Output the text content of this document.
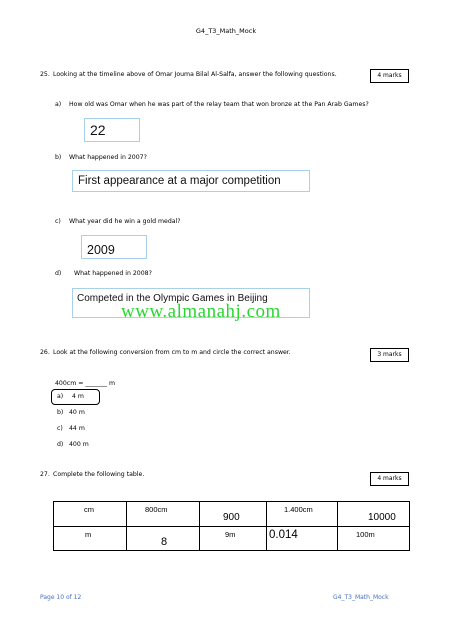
G4_T3_Math_Mock
25. Looking at the timeline above of Omar Jouma Bilal Al-Salfa, answer the following questions.	4 marks
a) How old was Omar when he was part of the relay team that won bronze at the Pan Arab Games?
22
b) What happened in 2007?
First appearance at a major competition
c) What year did he win a gold medal?
2009
d) What happened in 2008?
Competed in the Olympic Games in Beijing
www.almanahj.com
26. Look at the following conversion from cm to m and circle the correct answer.	3 marks
400cm = _______ m
a) 4 m
b) 40 m
c) 44 m
d) 400 m
27. Complete the following table.
4 marks
cm	800cm	900	1.400cm	10000

m	8	9m	0.014	100m
Page 10 of 12	G4_T3_Math_Mock
